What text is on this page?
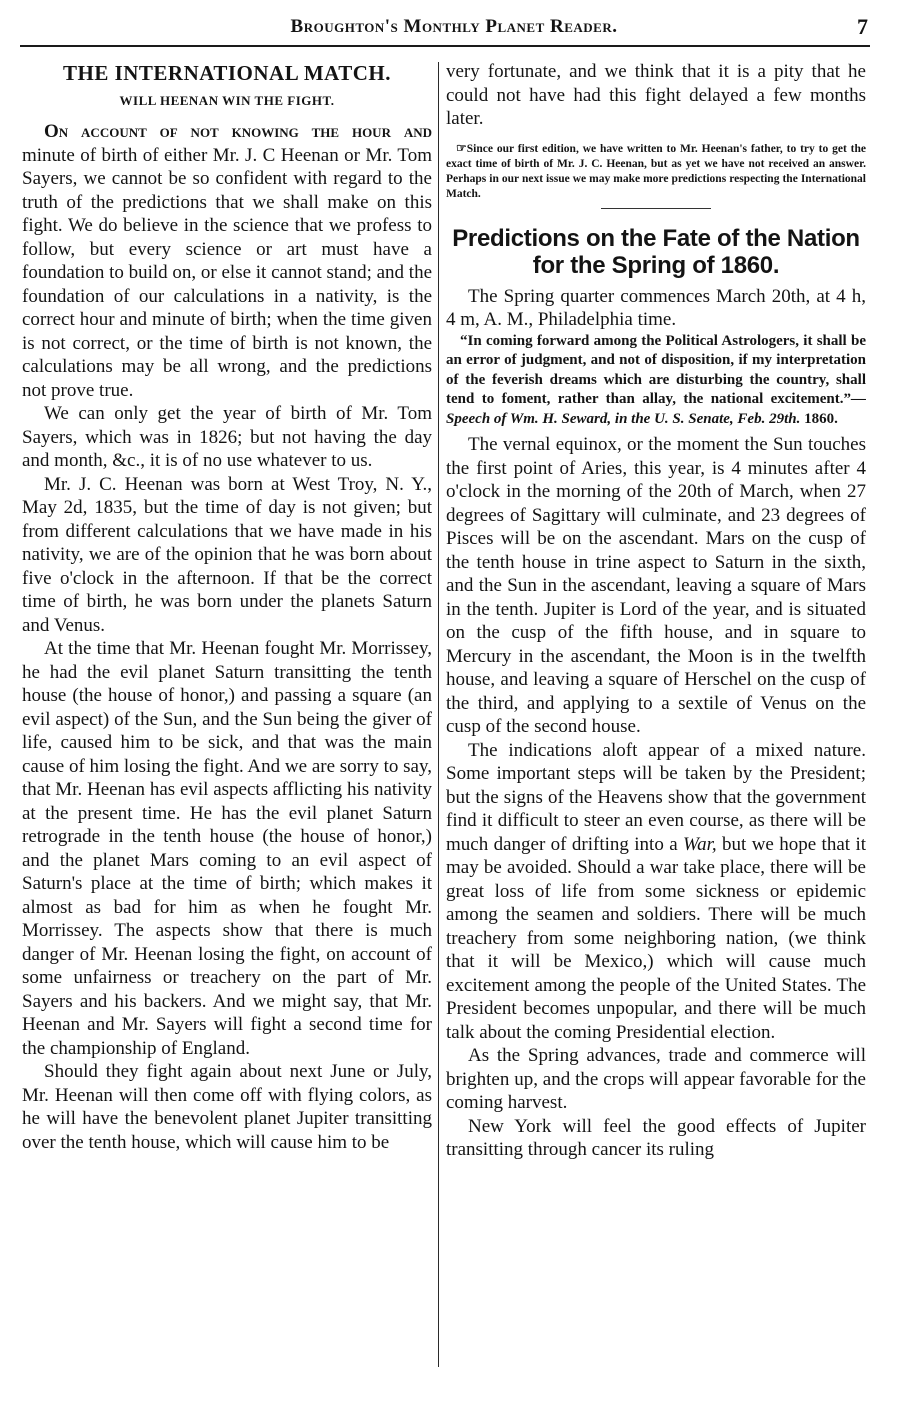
Broughton's Monthly Planet Reader.	7
THE INTERNATIONAL MATCH.
WILL HEENAN WIN THE FIGHT.

On account of not knowing the hour and minute of birth of either Mr. J. C Heenan or Mr. Tom Sayers, we cannot be so confident with regard to the truth of the predictions that we shall make on this fight. We do believe in the science that we profess to follow, but every science or art must have a foundation to build on, or else it cannot stand; and the foundation of our calculations in a nativity, is the correct hour and minute of birth; when the time given is not correct, or the time of birth is not known, the calculations may be all wrong, and the predictions not prove true.

We can only get the year of birth of Mr. Tom Sayers, which was in 1826; but not having the day and month, &c., it is of no use whatever to us.

Mr. J. C. Heenan was born at West Troy, N. Y., May 2d, 1835, but the time of day is not given; but from different calculations that we have made in his nativity, we are of the opinion that he was born about five o'clock in the afternoon. If that be the correct time of birth, he was born under the planets Saturn and Venus.

At the time that Mr. Heenan fought Mr. Morrissey, he had the evil planet Saturn transitting the tenth house (the house of honor,) and passing a square (an evil aspect) of the Sun, and the Sun being the giver of life, caused him to be sick, and that was the main cause of him losing the fight. And we are sorry to say, that Mr. Heenan has evil aspects afflicting his nativity at the present time. He has the evil planet Saturn retrograde in the tenth house (the house of honor,) and the planet Mars coming to an evil aspect of Saturn's place at the time of birth; which makes it almost as bad for him as when he fought Mr. Morrissey. The aspects show that there is much danger of Mr. Heenan losing the fight, on account of some unfairness or treachery on the part of Mr. Sayers and his backers. And we might say, that Mr. Heenan and Mr. Sayers will fight a second time for the championship of England.

Should they fight again about next June or July, Mr. Heenan will then come off with flying colors, as he will have the benevolent planet Jupiter transitting over the tenth house, which will cause him to be

very fortunate, and we think that it is a pity that he could not have had this fight delayed a few months later.

☞Since our first edition, we have written to Mr. Heenan's father, to try to get the exact time of birth of Mr. J. C. Heenan, but as yet we have not received an answer. Perhaps in our next issue we may make more predictions respecting the International Match.
Predictions on the Fate of the Nation for the Spring of 1860.

The Spring quarter commences March 20th, at 4 h, 4 m, A. M., Philadelphia time.

“In coming forward among the Political Astrologers, it shall be an error of judgment, and not of disposition, if my interpretation of the feverish dreams which are disturbing the country, shall tend to foment, rather than allay, the national excitement.”—Speech of Wm. H. Seward, in the U. S. Senate, Feb. 29th. 1860.

The vernal equinox, or the moment the Sun touches the first point of Aries, this year, is 4 minutes after 4 o'clock in the morning of the 20th of March, when 27 degrees of Sagittary will culminate, and 23 degrees of Pisces will be on the ascendant. Mars on the cusp of the tenth house in trine aspect to Saturn in the sixth, and the Sun in the ascendant, leaving a square of Mars in the tenth. Jupiter is Lord of the year, and is situated on the cusp of the fifth house, and in square to Mercury in the ascendant, the Moon is in the twelfth house, and leaving a square of Herschel on the cusp of the third, and applying to a sextile of Venus on the cusp of the second house.

The indications aloft appear of a mixed nature. Some important steps will be taken by the President; but the signs of the Heavens show that the government find it difficult to steer an even course, as there will be much danger of drifting into a War, but we hope that it may be avoided. Should a war take place, there will be great loss of life from some sickness or epidemic among the seamen and soldiers. There will be much treachery from some neighboring nation, (we think that it will be Mexico,) which will cause much excitement among the people of the United States. The President becomes unpopular, and there will be much talk about the coming Presidential election.

As the Spring advances, trade and commerce will brighten up, and the crops will appear favorable for the coming harvest.

New York will feel the good effects of Jupiter transitting through cancer its ruling
